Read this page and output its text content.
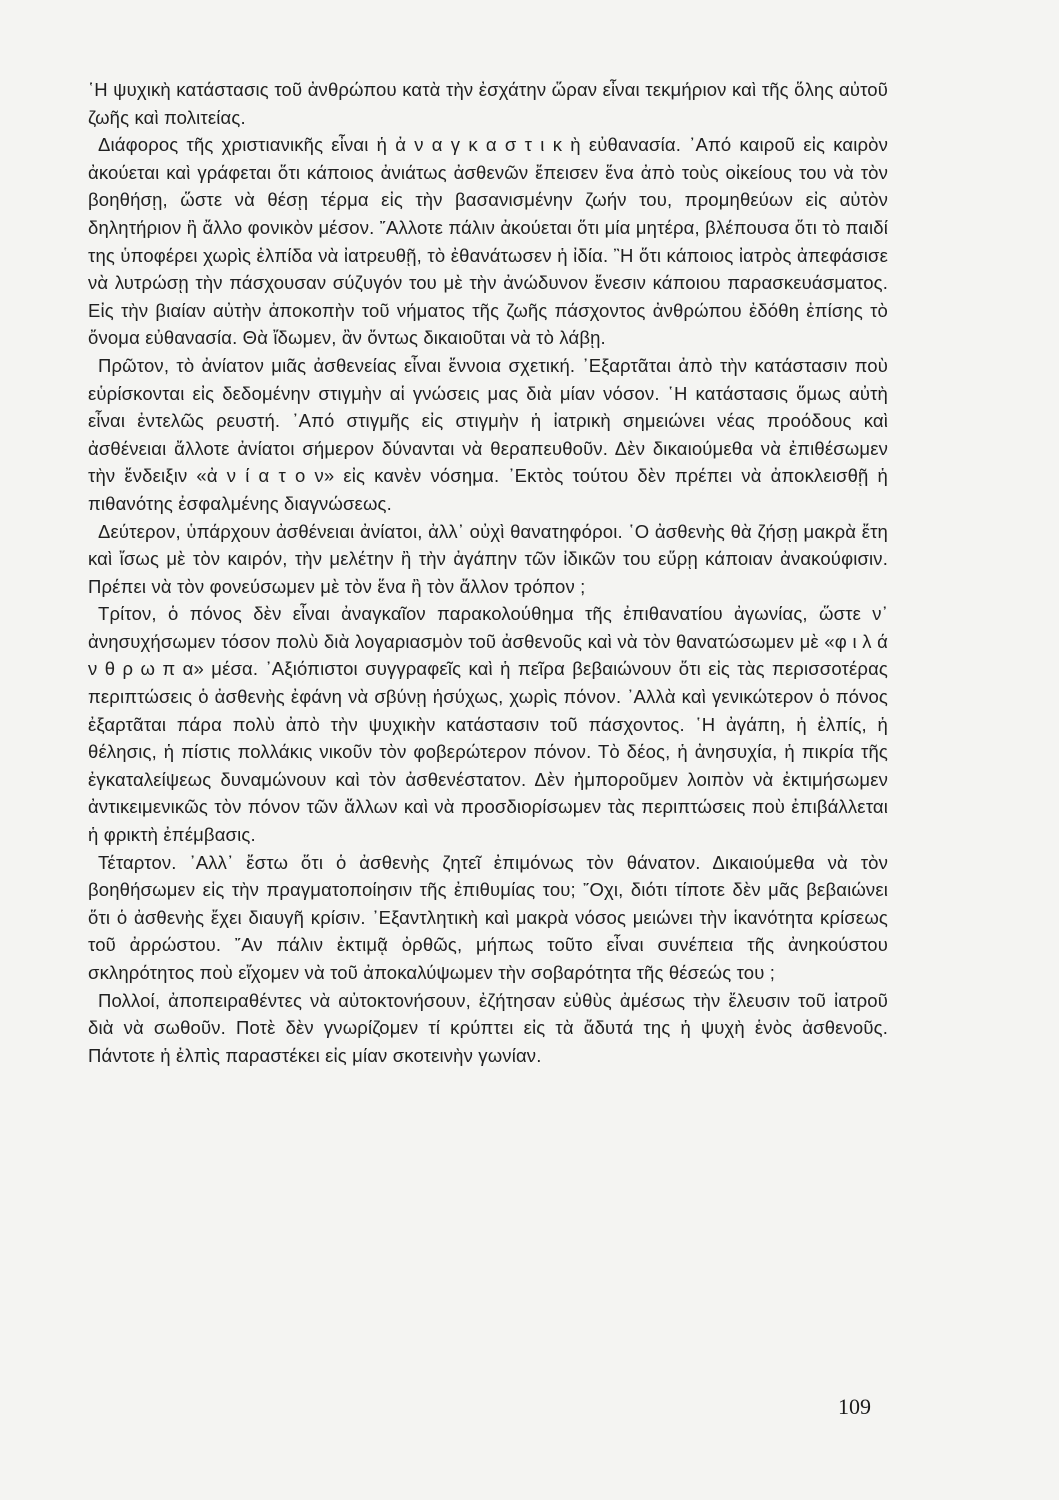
῾Η ψυχικὴ κατάστασις τοῦ ἀνθρώπου κατὰ τὴν ἐσχάτην ὥραν εἶναι τεκμήριον καὶ τῆς ὅλης αὐτοῦ ζωῆς καὶ πολιτείας.

Διάφορος τῆς χριστιανικῆς εἶναι ἡ ἀ ν α γ κ α σ τ ι κ ὴ εὐθανασία. ᾽Από καιροῦ εἰς καιρὸν ἀκούεται καὶ γράφεται ὅτι κάποιος ἀνιάτως ἀσθενῶν ἔπεισεν ἕνα ἀπὸ τοὺς οἰκείους του νὰ τὸν βοηθήσῃ, ὥστε νὰ θέσῃ τέρμα εἰς τὴν βασανισμένην ζωήν του, προμηθεύων εἰς αὐτὸν δηλητήριον ἢ ἄλλο φονικὸν μέσον. ῎Αλλοτε πάλιν ἀκούεται ὅτι μία μητέρα, βλέπουσα ὅτι τὸ παιδί της ὑποφέρει χωρὶς ἐλπίδα νὰ ἰατρευθῇ, τὸ ἐθανάτωσεν ἡ ἰδία. ῍Η ὅτι κάποιος ἰατρὸς ἀπεφάσισε νὰ λυτρώσῃ τὴν πάσχουσαν σύζυγόν του μὲ τὴν ἀνώδυνον ἔνεσιν κάποιου παρασκευάσματος. Εἰς τὴν βιαίαν αὐτὴν ἀποκοπὴν τοῦ νήματος τῆς ζωῆς πάσχοντος ἀνθρώπου ἐδόθη ἐπίσης τὸ ὄνομα εὐθανασία. Θὰ ἴδωμεν, ἂν ὄντως δικαιοῦται νὰ τὸ λάβῃ.

Πρῶτον, τὸ ἀνίατον μιᾶς ἀσθενείας εἶναι ἔννοια σχετική. ᾽Εξαρτᾶται ἀπὸ τὴν κατάστασιν ποὺ εὑρίσκονται εἰς δεδομένην στιγμὴν αἱ γνώσεις μας διὰ μίαν νόσον. ῾Η κατάστασις ὅμως αὐτὴ εἶναι ἐντελῶς ρευστή. ᾽Από στιγμῆς εἰς στιγμὴν ἡ ἰατρικὴ σημειώνει νέας προόδους καὶ ἀσθένειαι ἄλλοτε ἀνίατοι σήμερον δύνανται νὰ θεραπευθοῦν. Δὲν δικαιούμεθα νὰ ἐπιθέσωμεν τὴν ἔνδειξιν «ἀ ν ί α τ ο ν» εἰς κανὲν νόσημα. ᾽Εκτὸς τούτου δὲν πρέπει νὰ ἀποκλεισθῇ ἡ πιθανότης ἐσφαλμένης διαγνώσεως.

Δεύτερον, ὑπάρχουν ἀσθένειαι ἀνίατοι, ἀλλ᾽ οὐχὶ θανατηφόροι. ῾Ο ἀσθενὴς θὰ ζήσῃ μακρὰ ἔτη καὶ ἴσως μὲ τὸν καιρόν, τὴν μελέτην ἢ τὴν ἀγάπην τῶν ἰδικῶν του εὕρῃ κάποιαν ἀνακούφισιν. Πρέπει νὰ τὸν φονεύσωμεν μὲ τὸν ἕνα ἢ τὸν ἄλλον τρόπον ;

Τρίτον, ὁ πόνος δὲν εἶναι ἀναγκαῖον παρακολούθημα τῆς ἐπιθανατίου ἀγωνίας, ὥστε ν᾽ ἀνησυχήσωμεν τόσον πολὺ διὰ λογαριασμὸν τοῦ ἀσθενοῦς καὶ νὰ τὸν θανατώσωμεν μὲ «φ ι λ ά ν θ ρ ω π α» μέσα. ᾽Αξιόπιστοι συγγραφεῖς καὶ ἡ πεῖρα βεβαιώνουν ὅτι εἰς τὰς περισσοτέρας περιπτώσεις ὁ ἀσθενὴς ἐφάνη νὰ σβύνῃ ἡσύχως, χωρὶς πόνον. ᾽Αλλὰ καὶ γενικώτερον ὁ πόνος ἐξαρτᾶται πάρα πολὺ ἀπὸ τὴν ψυχικὴν κατάστασιν τοῦ πάσχοντος. ῾Η ἀγάπη, ἡ ἐλπίς, ἡ θέλησις, ἡ πίστις πολλάκις νικοῦν τὸν φοβερώτερον πόνον. Τὸ δέος, ἡ ἀνησυχία, ἡ πικρία τῆς ἐγκαταλείψεως δυναμώνουν καὶ τὸν ἀσθενέστατον. Δὲν ἠμποροῦμεν λοιπὸν νὰ ἐκτιμήσωμεν ἀντικειμενικῶς τὸν πόνον τῶν ἄλλων καὶ νὰ προσδιορίσωμεν τὰς περιπτώσεις ποὺ ἐπιβάλλεται ἡ φρικτὴ ἐπέμβασις.

Τέταρτον. ᾽Αλλ᾽ ἔστω ὅτι ὁ ἀσθενὴς ζητεῖ ἐπιμόνως τὸν θάνατον. Δικαιούμεθα νὰ τὸν βοηθήσωμεν εἰς τὴν πραγματοποίησιν τῆς ἐπιθυμίας του; ῎Οχι, διότι τίποτε δὲν μᾶς βεβαιώνει ὅτι ὁ ἀσθενὴς ἔχει διαυγῆ κρίσιν. ᾽Εξαντλητικὴ καὶ μακρὰ νόσος μειώνει τὴν ἱκανότητα κρίσεως τοῦ ἀρρώστου. ῎Αν πάλιν ἐκτιμᾷ ὀρθῶς, μήπως τοῦτο εἶναι συνέπεια τῆς ἀνηκούστου σκληρότητος ποὺ εἴχομεν νὰ τοῦ ἀποκαλύψωμεν τὴν σοβαρότητα τῆς θέσεώς του ;

Πολλοί, ἀποπειραθέντες νὰ αὐτοκτονήσουν, ἐζήτησαν εὐθὺς ἀμέσως τὴν ἔλευσιν τοῦ ἰατροῦ διὰ νὰ σωθοῦν. Ποτὲ δὲν γνωρίζομεν τί κρύπτει εἰς τὰ ἄδυτά της ἡ ψυχὴ ἑνὸς ἀσθενοῦς. Πάντοτε ἡ ἐλπὶς παραστέκει εἰς μίαν σκοτεινὴν γωνίαν.

109
